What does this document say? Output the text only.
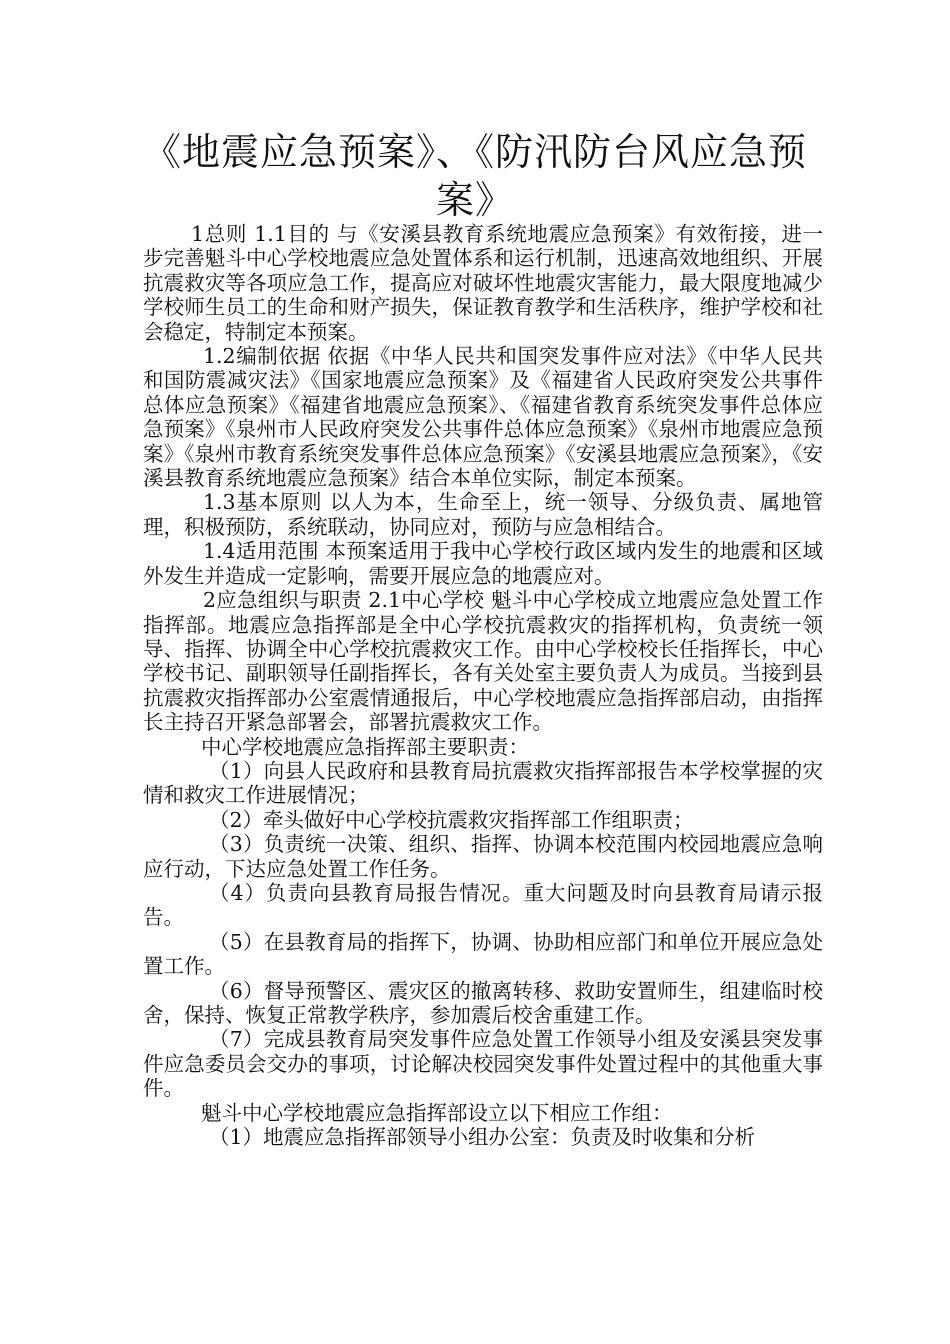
《地震应急预案》、《防汛防台风应急预案》

1总则 1.1目的 与《安溪县教育系统地震应急预案》有效衔接，进一步完善魁斗中心学校地震应急处置体系和运行机制，迅速高效地组织、开展抗震救灾等各项应急工作，提高应对破坏性地震灾害能力，最大限度地减少学校师生员工的生命和财产损失，保证教育教学和生活秩序，维护学校和社会稳定，特制定本预案。

1.2编制依据 依据《中华人民共和国突发事件应对法》《中华人民共和国防震减灾法》《国家地震应急预案》及《福建省人民政府突发公共事件总体应急预案》《福建省地震应急预案》、《福建省教育系统突发事件总体应急预案》《泉州市人民政府突发公共事件总体应急预案》《泉州市地震应急预案》《泉州市教育系统突发事件总体应急预案》《安溪县地震应急预案》，《安溪县教育系统地震应急预案》结合本单位实际，制定本预案。

1.3基本原则 以人为本，生命至上，统一领导、分级负责、属地管理，积极预防，系统联动，协同应对，预防与应急相结合。

1.4适用范围 本预案适用于我中心学校行政区域内发生的地震和区域外发生并造成一定影响，需要开展应急的地震应对。

2应急组织与职责 2.1中心学校 魁斗中心学校成立地震应急处置工作指挥部。地震应急指挥部是全中心学校抗震救灾的指挥机构，负责统一领导、指挥、协调全中心学校抗震救灾工作。由中心学校校长任指挥长，中心学校书记、副职领导任副指挥长，各有关处室主要负责人为成员。当接到县抗震救灾指挥部办公室震情通报后，中心学校地震应急指挥部启动，由指挥长主持召开紧急部署会，部署抗震救灾工作。

中心学校地震应急指挥部主要职责：

（1）向县人民政府和县教育局抗震救灾指挥部报告本学校掌握的灾情和救灾工作进展情况；

（2）牵头做好中心学校抗震救灾指挥部工作组职责；

（3）负责统一决策、组织、指挥、协调本校范围内校园地震应急响应行动，下达应急处置工作任务。

（4）负责向县教育局报告情况。重大问题及时向县教育局请示报告。

（5）在县教育局的指挥下，协调、协助相应部门和单位开展应急处置工作。

（6）督导预警区、震灾区的撤离转移、救助安置师生，组建临时校舍，保持、恢复正常教学秩序，参加震后校舍重建工作。

（7）完成县教育局突发事件应急处置工作领导小组及安溪县突发事件应急委员会交办的事项，讨论解决校园突发事件处置过程中的其他重大事件。

魁斗中心学校地震应急指挥部设立以下相应工作组：

（1）地震应急指挥部领导小组办公室：负责及时收集和分析
